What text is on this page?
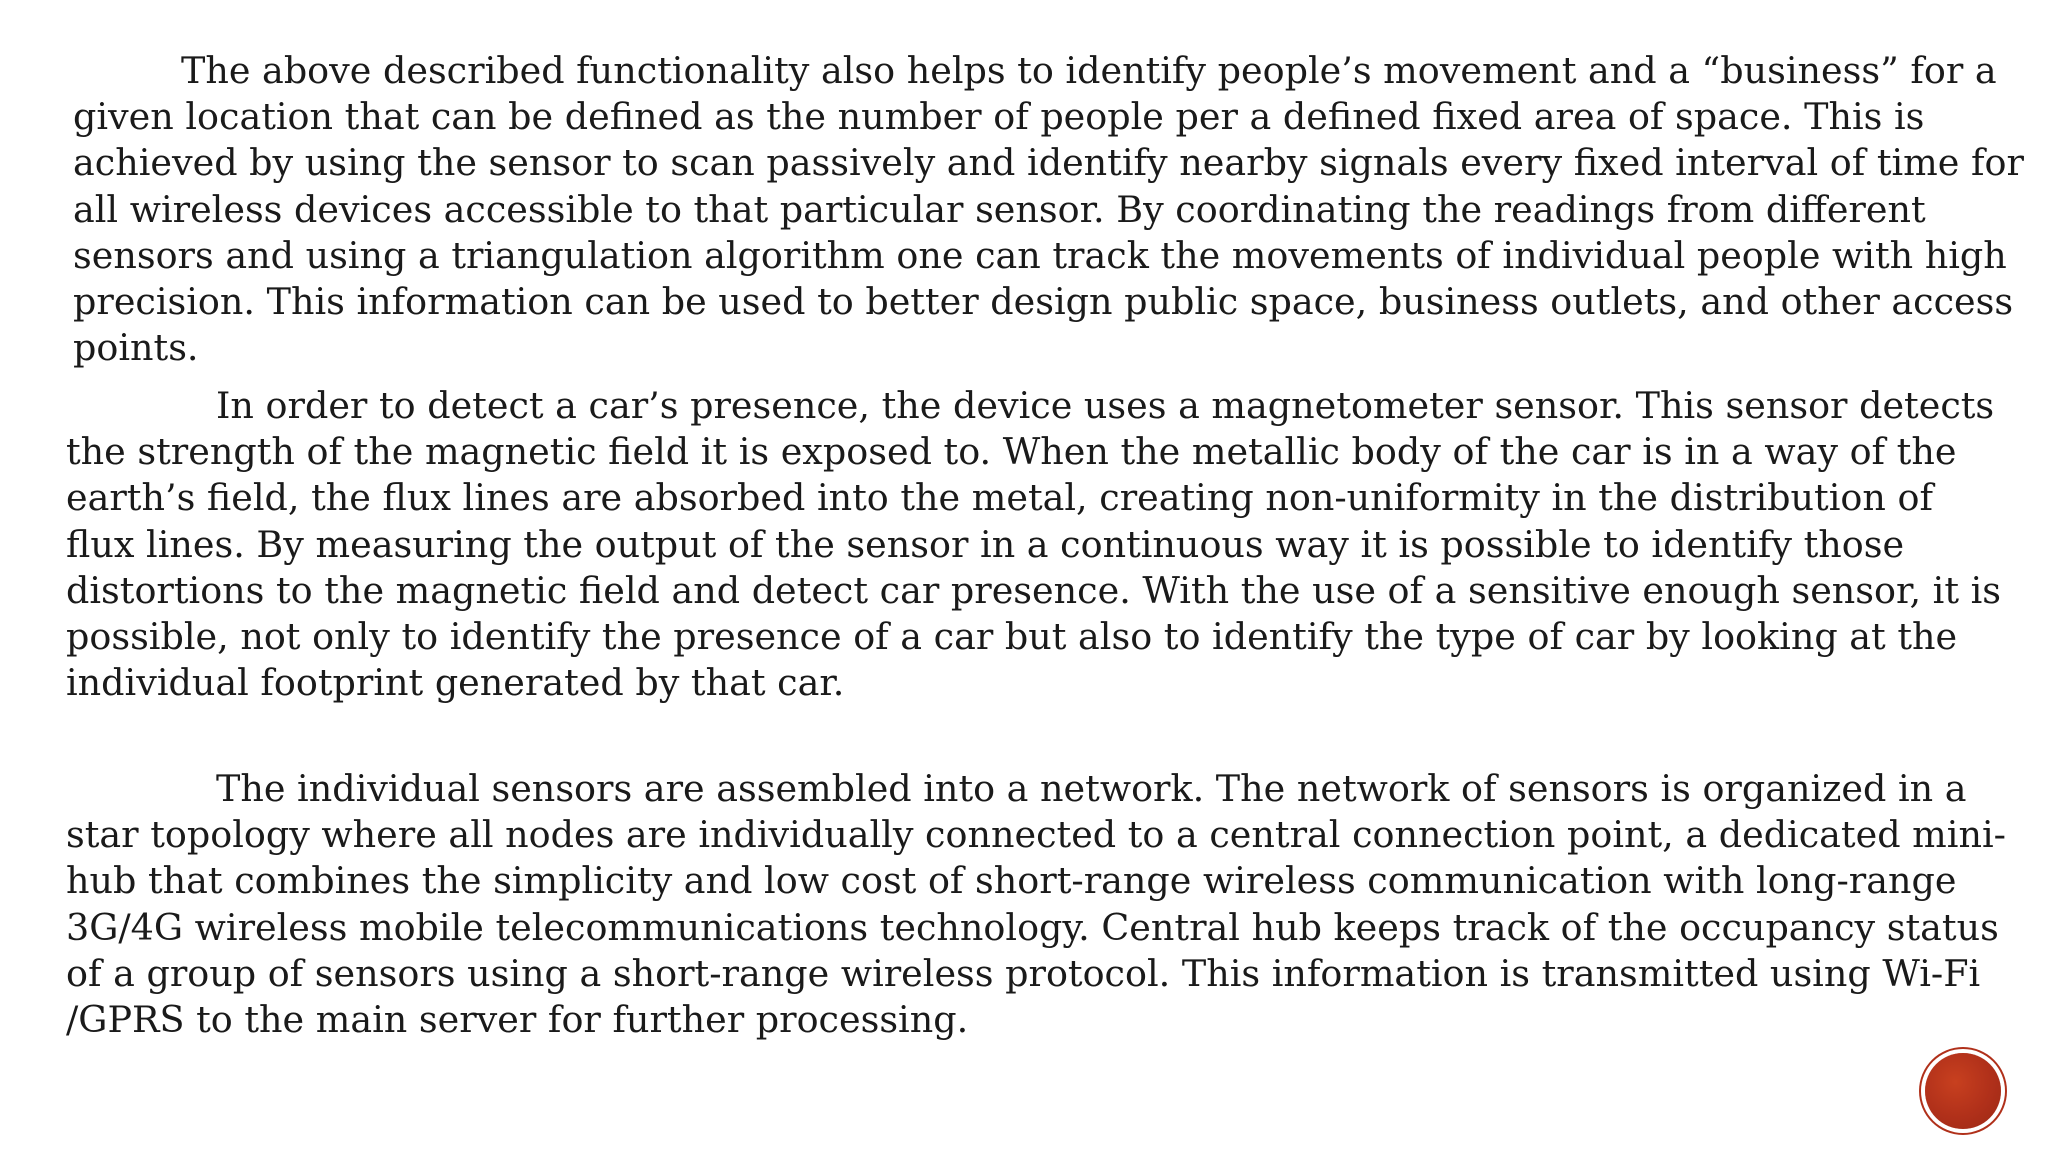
The above described functionality also helps to identify people’s movement and a “business” for a given location that can be defined as the number of people per a defined fixed area of space. This is achieved by using the sensor to scan passively and identify nearby signals every fixed interval of time for all wireless devices accessible to that particular sensor. By coordinating the readings from different sensors and using a triangulation algorithm one can track the movements of individual people with high precision. This information can be used to better design public space, business outlets, and other access points.

In order to detect a car’s presence, the device uses a magnetometer sensor. This sensor detects the strength of the magnetic field it is exposed to. When the metallic body of the car is in a way of the earth’s field, the flux lines are absorbed into the metal, creating non-uniformity in the distribution of flux lines. By measuring the output of the sensor in a continuous way it is possible to identify those distortions to the magnetic field and detect car presence. With the use of a sensitive enough sensor, it is possible, not only to identify the presence of a car but also to identify the type of car by looking at the individual footprint generated by that car.

The individual sensors are assembled into a network. The network of sensors is organized in a star topology where all nodes are individually connected to a central connection point, a dedicated mini-hub that combines the simplicity and low cost of short-range wireless communication with long-range 3G/4G wireless mobile telecommunications technology. Central hub keeps track of the occupancy status of a group of sensors using a short-range wireless protocol. This information is transmitted using Wi-Fi /GPRS to the main server for further processing.
